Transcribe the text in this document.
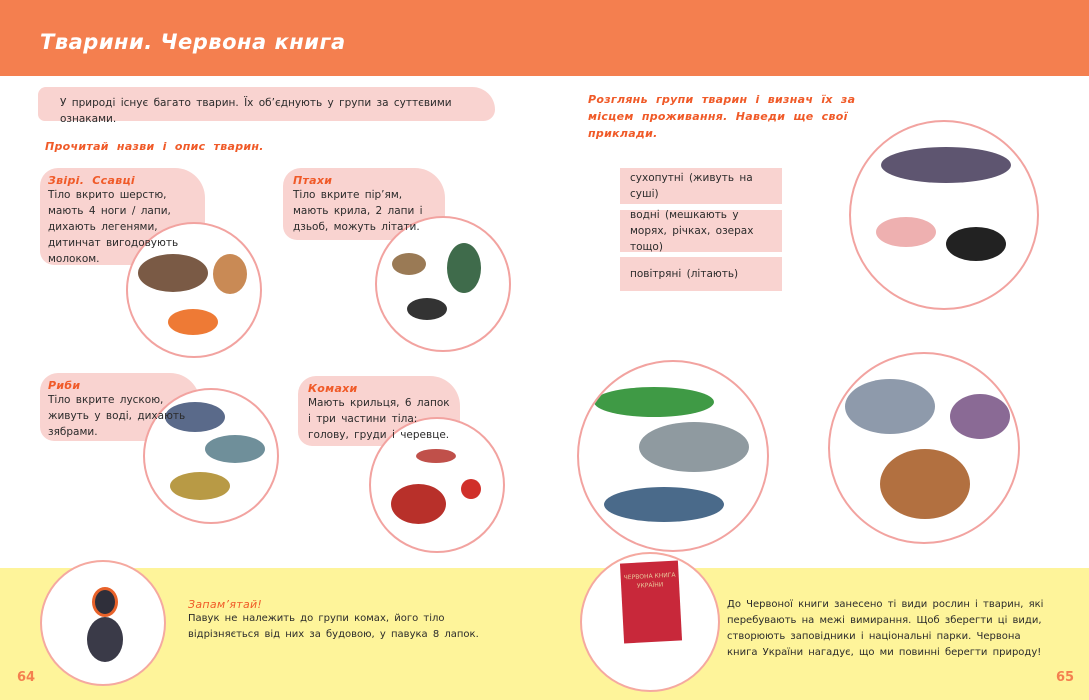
Тварини. Червона книга
У природі існує багато тварин. Їх об’єднують у групи за суттєвими ознаками.
Прочитай назви і опис тварин.
Звірі. Ссавці
Тіло вкрито шерстю, мають 4 ноги / лапи, дихають легенями, дитинчат вигодовують молоком.
Птахи
Тіло вкрите пір’ям, мають крила, 2 лапи і дзьоб, можуть літати.
Риби
Тіло вкрите лускою, живуть у воді, дихають зябрами.
Комахи
Мають крильця, 6 лапок і три частини тіла: голову, груди і черевце.
Розглянь групи тварин і визнач їх за місцем проживання. Наведи ще свої приклади.
сухопутні (живуть на суші)
водні (мешкають у морях, річках, озерах тощо)
повітряні (літають)
Запам’ятай!
Павук не належить до групи комах, його тіло відрізняється від них за будовою, у павука 8 лапок.
ЧЕРВОНА КНИГА УКРАЇНИ
До Червоної книги занесено ті види рослин і тварин, які перебувають на межі вимирання. Щоб зберегти ці види, створюють заповідники і національні парки. Червона книга України нагадує, що ми повинні берегти природу!
64	65
